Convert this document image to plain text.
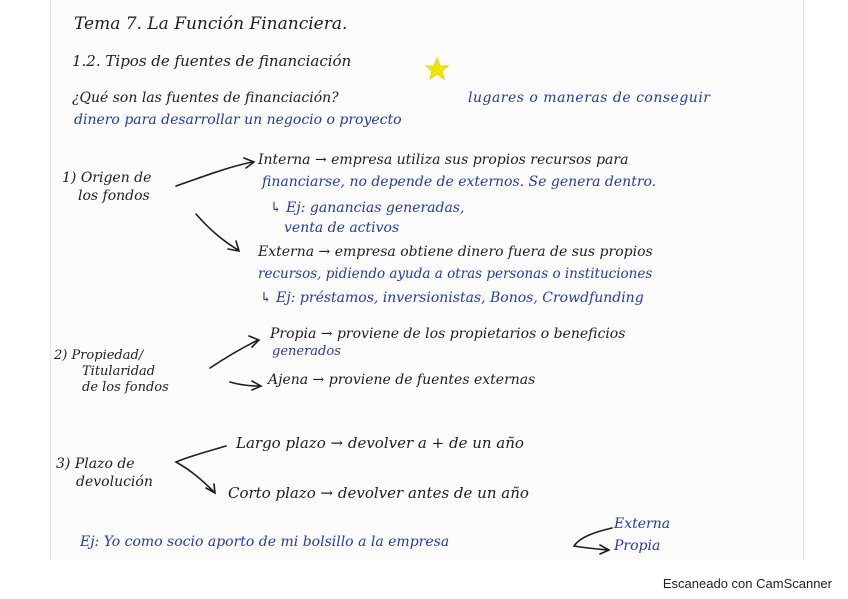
Tema 7. La Función Financiera.
1.2. Tipos de fuentes de financiación
¿Qué son las fuentes de financiación?	lugares o maneras de conseguir
dinero para desarrollar un negocio o proyecto
1) Origen de
los fondos
Interna → empresa utiliza sus propios recursos para
financiarse, no depende de externos. Se genera dentro.
↳ Ej: ganancias generadas,
venta de activos
Externa → empresa obtiene dinero fuera de sus propios
recursos, pidiendo ayuda a otras personas o instituciones
↳ Ej: préstamos, inversionistas, Bonos, Crowdfunding
2) Propiedad/
Titularidad
de los fondos
Propia → proviene de los propietarios o beneficios
generados
Ajena → proviene de fuentes externas
3) Plazo de
devolución
Largo plazo → devolver a + de un año
Corto plazo → devolver antes de un año
Ej: Yo como socio aporto de mi bolsillo a la empresa
Externa
Propia
Escaneado con CamScanner
